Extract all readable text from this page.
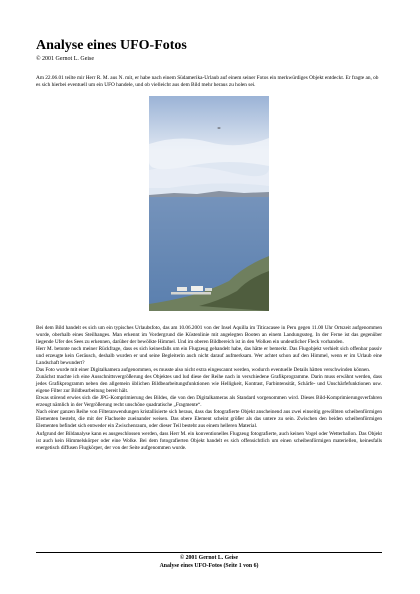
Analyse eines UFO-Fotos
© 2001 Gernot L. Geise
Am 22.06.01 teilte mir Herr R. M. aus N. mit, er habe nach einem Südamerika-Urlaub auf einem seiner Fotos ein merkwürdiges Objekt entdeckt. Er fragte an, ob es sich hierbei eventuell um ein UFO handele, und ob vielleicht aus dem Bild mehr heraus zu holen sei.

Bei dem Bild handelt es sich um ein typisches Urlaubsfoto, das am 10.06.2001 von der Insel Aquilla im Titicacasee in Peru gegen 11.00 Uhr Ortszeit aufgenommen wurde, oberhalb eines Steilhanges. Man erkennt im Vordergrund die Küstenlinie mit angelegten Booten an einem Landungssteg. In der Ferne ist das gegenüber liegende Ufer des Sees zu erkennen, darüber der bewölkte Himmel. Und im oberen Bildbereich ist in den Wolken ein undeutlicher Fleck vorhanden.

Herr M. betonte noch meiner Rückfrage, dass es sich keinesfalls um ein Flugzeug gehandelt habe, das hätte er bemerkt. Das Flugobjekt verhielt sich offenbar passiv und erzeugte kein Geräusch, deshalb wurden er und seine Begleiterin auch nicht darauf aufmerksam. Wer achtet schon auf den Himmel, wenn er im Urlaub eine Landschaft bewundert?

Das Foto wurde mit einer Digitalkamera aufgenommen, es musste also nicht extra eingescannt werden, wodurch eventuelle Details hätten verschwinden können.

Zunächst machte ich eine Ausschnittsvergrößerung des Objektes und lud diese der Reihe nach in verschiedene Grafikprogramme. Darin muss erwähnt werden, dass jedes Grafikprogramm neben den allgemein üblichen Bildbearbeitungsfunktionen wie Helligkeit, Kontrast, Farbintensität, Schärfe- und Unschärfefunktionen usw. eigene Filter zur Bildbearbeitung bereit hält.

Etwas störend erwies sich die JPG-Komprimierung des Bildes, die von den Digitalkameras als Standard vorgenommen wird. Dieses Bild-Komprimierungsverfahren erzeugt nämlich in der Vergrößerung recht unschöne quadratische „Fragmente“.

Nach einer ganzen Reihe von Filteranwendungen kristallisierte sich heraus, dass das fotografierte Objekt anscheinend aus zwei einseitig gewölbten scheibenförmigen Elementen besteht, die mit der Flachseite zueinander weisen. Das obere Element scheint größer als das untere zu sein. Zwischen den beiden scheibenförmigen Elementen befindet sich entweder ein Zwischenraum, oder dieser Teil besteht aus einem helleren Material.

Aufgrund der Bildanalyse kann es ausgeschlossen werden, dass Herr M. ein konventionelles Flugzeug fotografierte, auch keinen Vogel oder Wetterballon. Das Objekt ist auch kein Himmelskörper oder eine Wolke. Bei dem fotografierten Objekt handelt es sich offensichtlich um einen scheibenförmigen materiellen, keinesfalls energetisch diffusen Flugkörper, der von der Seite aufgenommen wurde.

© 2001 Gernot L. Geise
Analyse eines UFO-Fotos (Seite 1 von 6)
